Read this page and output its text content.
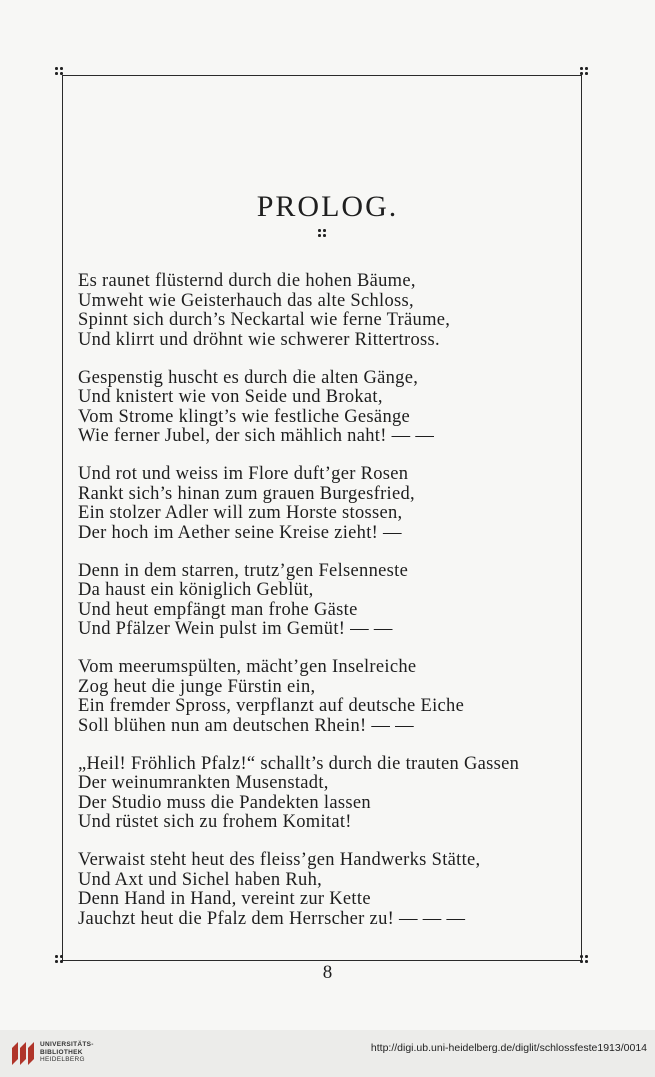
PROLOG.
Es raunet flüsternd durch die hohen Bäume,
Umweht wie Geisterhauch das alte Schloss,
Spinnt sich durch’s Neckartal wie ferne Träume,
Und klirrt und dröhnt wie schwerer Rittertross.
Gespenstig huscht es durch die alten Gänge,
Und knistert wie von Seide und Brokat,
Vom Strome klingt’s wie festliche Gesänge
Wie ferner Jubel, der sich mählich naht! — —
Und rot und weiss im Flore duft’ger Rosen
Rankt sich’s hinan zum grauen Burgesfried,
Ein stolzer Adler will zum Horste stossen,
Der hoch im Aether seine Kreise zieht! —
Denn in dem starren, trutz’gen Felsenneste
Da haust ein königlich Geblüt,
Und heut empfängt man frohe Gäste
Und Pfälzer Wein pulst im Gemüt! — —
Vom meerumspülten, mächt’gen Inselreiche
Zog heut die junge Fürstin ein,
Ein fremder Spross, verpflanzt auf deutsche Eiche
Soll blühen nun am deutschen Rhein! — —
„Heil! Fröhlich Pfalz!“ schallt’s durch die trauten Gassen
Der weinumrankten Musenstadt,
Der Studio muss die Pandekten lassen
Und rüstet sich zu frohem Komitat!
Verwaist steht heut des fleiss’gen Handwerks Stätte,
Und Axt und Sichel haben Ruh,
Denn Hand in Hand, vereint zur Kette
Jauchzt heut die Pfalz dem Herrscher zu! — — —
8
UNIVERSITÄTS-
BIBLIOTHEK
HEIDELBERG
http://digi.ub.uni-heidelberg.de/diglit/schlossfeste1913/0014
